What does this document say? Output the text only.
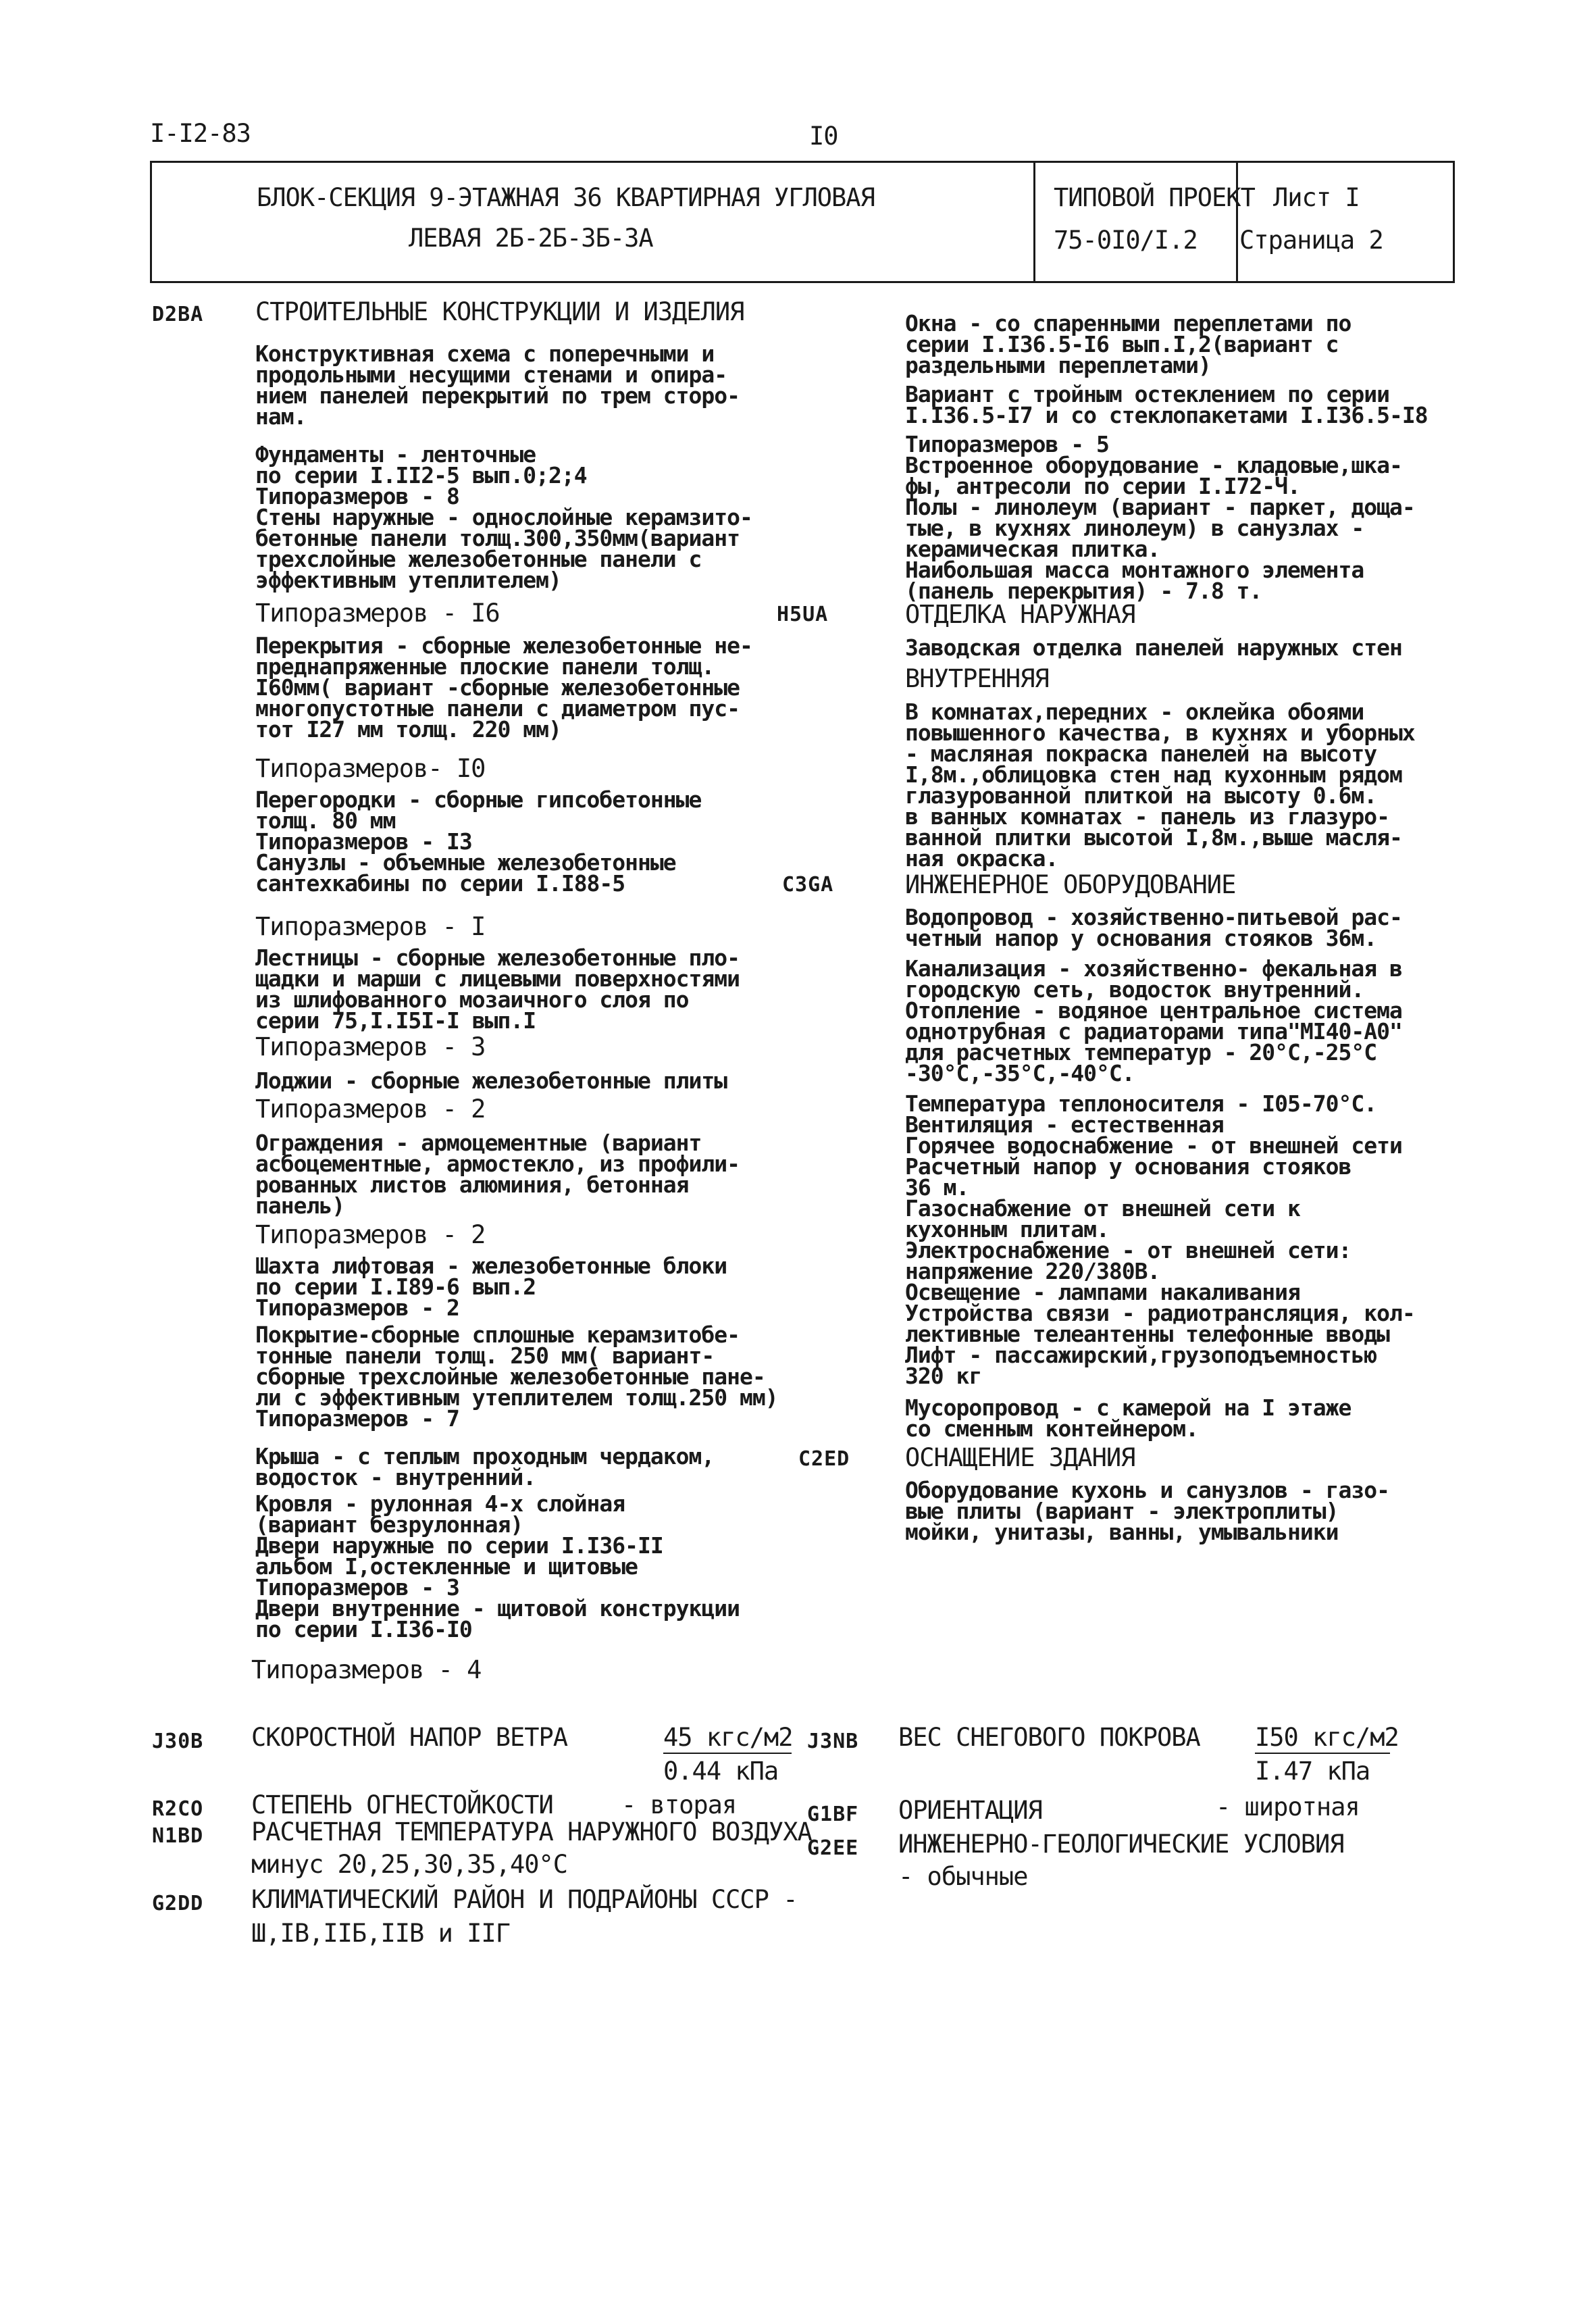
I-I2-83	I0
БЛОК-СЕКЦИЯ 9-ЭТАЖНАЯ 36 КВАРТИРНАЯ УГЛОВАЯ
ЛЕВАЯ 2Б-2Б-3Б-3А
ТИПОВОЙ ПРОЕКТ
75-0I0/I.2
Лист I
Страница 2
D2BA СТРОИТЕЛЬНЫЕ КОНСТРУКЦИИ И ИЗДЕЛИЯ
Конструктивная схема с поперечными и
продольными несущими стенами и опира-
нием панелей перекрытий по трем сторо-
нам.
Фундаменты - ленточные
по серии I.II2-5 вып.0;2;4
Типоразмеров - 8
Стены наружные - однослойные керамзито-
бетонные панели толщ.300,350мм(вариант
трехслойные железобетонные панели с
эффективным утеплителем)
Типоразмеров - I6	Н5UA
Перекрытия - сборные железобетонные не-
преднапряженные плоские панели толщ.
I60мм( вариант -сборные железобетонные
многопустотные панели с диаметром пус-
тот I27 мм толщ. 220 мм)
Типоразмеров- I0
Перегородки - сборные гипсобетонные
толщ. 80 мм
Типоразмеров - I3
Санузлы - объемные железобетонные
сантехкабины по серии I.I88-5	С3GA
Типоразмеров - I
Лестницы - сборные железобетонные пло-
щадки и марши с лицевыми поверхностями
из шлифованного мозаичного слоя по
серии 75,I.I5I-I вып.I
Типоразмеров - 3
Лоджии - сборные железобетонные плиты
Типоразмеров - 2
Ограждения - армоцементные (вариант
асбоцементные, армостекло, из профили-
рованных листов алюминия, бетонная
панель)
Типоразмеров - 2
Шахта лифтовая - железобетонные блоки
по серии I.I89-6 вып.2
Типоразмеров - 2
Покрытие-сборные сплошные керамзитобе-
тонные панели толщ. 250 мм( вариант-
сборные трехслойные железобетонные пане-
ли с эффективным утеплителем толщ.250 мм)
Типоразмеров - 7
Крыша - с теплым проходным чердаком,
водосток - внутренний.
С2ЕD
Кровля - рулонная 4-х слойная
(вариант безрулонная)
Двери наружные по серии I.I36-II
альбом I,остекленные и щитовые
Типоразмеров - 3
Двери внутренние - щитовой конструкции
по серии I.I36-I0
Типоразмеров - 4
Окна - со спаренными переплетами по
серии I.I36.5-I6 вып.I,2(вариант с
раздельными переплетами)
Вариант с тройным остеклением по серии
I.I36.5-I7 и со стеклопакетами I.I36.5-I8
Типоразмеров - 5
Встроенное оборудование - кладовые,шка-
фы, антресоли по серии I.I72-Ч.
Полы - линолеум (вариант - паркет, доща-
тые, в кухнях линолеум) в санузлах -
керамическая плитка.
Наибольшая масса монтажного элемента
(панель перекрытия) - 7.8 т.
ОТДЕЛКА НАРУЖНАЯ
Заводская отделка панелей наружных стен
ВНУТРЕННЯЯ
В комнатах,передних - оклейка обоями
повышенного качества, в кухнях и уборных
- масляная покраска панелей на высоту
I,8м.,облицовка стен над кухонным рядом
глазурованной плиткой на высоту 0.6м.
в ванных комнатах - панель из глазуро-
ванной плитки высотой I,8м.,выше масля-
ная окраска.
ИНЖЕНЕРНОЕ ОБОРУДОВАНИЕ
Водопровод - хозяйственно-питьевой рас-
четный напор у основания стояков 36м.
Канализация - хозяйственно- фекальная в
городскую сеть, водосток внутренний.
Отопление - водяное центральное система
однотрубная с радиаторами типа"МI40-А0"
для расчетных температур - 20°С,-25°С
-30°С,-35°С,-40°С.
Температура теплоносителя - I05-70°С.
Вентиляция - естественная
Горячее водоснабжение - от внешней сети
Расчетный напор у основания стояков
36 м.
Газоснабжение от внешней сети к
кухонным плитам.
Электроснабжение - от внешней сети:
напряжение 220/380В.
Освещение - лампами накаливания
Устройства связи - радиотрансляция, кол-
лективные телеантенны телефонные вводы
Лифт - пассажирский,грузоподъемностью
320 кг
Мусоропровод - с камерой на I этаже
со сменным контейнером.
ОСНАЩЕНИЕ ЗДАНИЯ
Оборудование кухонь и санузлов - газо-
вые плиты (вариант - электроплиты)
мойки, унитазы, ванны, умывальники
J30B СКОРОСТНОЙ НАПОР ВЕТРА	45 кгс/м2
0.44 кПа
J3NB ВЕС СНЕГОВОГО ПОКРОВА I50 кгс/м2
I.47 кПа
R2CO СТЕПЕНЬ ОГНЕСТОЙКОСТИ	- вторая	G1BF ОРИЕНТАЦИЯ	- широтная
N1BD РАСЧЕТНАЯ ТЕМПЕРАТУРА НАРУЖНОГО ВОЗДУХА
минус 20,25,30,35,40°С
G2EE ИНЖЕНЕРНО-ГЕОЛОГИЧЕСКИЕ УСЛОВИЯ
- обычные
G2DD КЛИМАТИЧЕСКИЙ РАЙОН И ПОДРАЙОНЫ СССР -
Ш,IВ,IIБ,IIВ и IIГ
